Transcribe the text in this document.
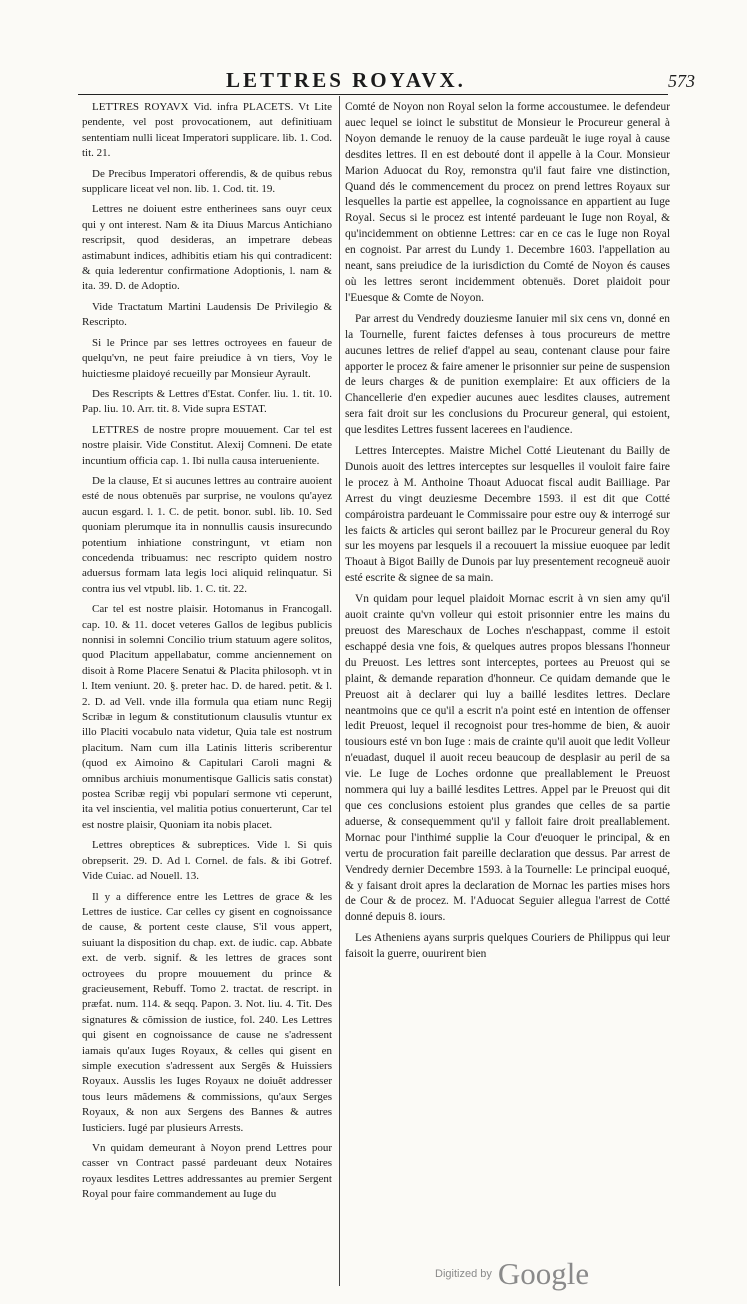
LETTRES ROYAVX.	573

LETTRES ROYAVX Vid. infra PLACETS. Vt Lite pendente, vel post provocationem, aut definitiuam sententiam nulli liceat Imperatori supplicare. lib. 1. Cod. tit. 21.

De Precibus Imperatori offerendis, & de quibus rebus supplicare liceat vel non. lib. 1. Cod. tit. 19.

Lettres ne doiuent estre entherinees sans ouyr ceux qui y ont interest. Nam & ita Diuus Marcus Antichiano rescripsit, quod desideras, an impetrare debeas astimabunt indices, adhibitis etiam his qui contradicent: & quia lederentur confirmatione Adoptionis, l. nam & ita. 39. D. de Adoptio.

Vide Tractatum Martini Laudensis De Privilegio & Rescripto.

Si le Prince par ses lettres octroyees en faueur de quelqu'vn, ne peut faire preiudice à vn tiers, Voy le huictiesme plaidoyé recueilly par Monsieur Ayrault.

Des Rescripts & Lettres d'Estat. Confer. liu. 1. tit. 10. Pap. liu. 10. Arr. tit. 8. Vide supra ESTAT.

LETTRES de nostre propre mouuement. Car tel est nostre plaisir. Vide Constitut. Alexij Comneni. De etate incuntium officia cap. 1. Ibi nulla causa interueniente.

De la clause, Et si aucunes lettres au contraire auoient esté de nous obtenuës par surprise, ne voulons qu'ayez aucun esgard. l. 1. C. de petit. bonor. subl. lib. 10. Sed quoniam plerumque ita in nonnullis causis insurecundo potentium inhiatione constringunt, vt etiam non concedenda tribuamus: nec rescripto quidem nostro aduersus formam lata legis loci aliquid relinquatur. Si contra ius vel vtpubl. lib. 1. C. tit. 22.

Car tel est nostre plaisir. Hotomanus in Francogall. cap. 10. & 11. docet veteres Gallos de legibus publicis nonnisi in solemni Concilio trium statuum agere solitos, quod Placitum appellabatur, comme anciennement on disoit à Rome Placere Senatui & Placita philosoph. vt in l. Item veniunt. 20. §. preter hac. D. de hared. petit. & l. 2. D. ad Vell. vnde illa formula qua etiam nunc Regij Scribæ in legum & constitutionum clausulis vtuntur ex illo Placiti vocabulo nata videtur, Quia tale est nostrum placitum. Nam cum illa Latinis litteris scriberentur (quod ex Aimoino & Capitulari Caroli magni & omnibus archiuis monumentisque Gallicis satis constat) postea Scribæ regij vbi popularí sermone vti ceperunt, ita vel inscientia, vel malitia potius conuerterunt, Car tel est nostre plaisir, Quoniam ita nobis placet.

Lettres obreptices & subreptices. Vide l. Si quis obrepserit. 29. D. Ad l. Cornel. de fals. & ibi Gotref. Vide Cuiac. ad Nouell. 13.

Il y a difference entre les Lettres de grace & les Lettres de iustice. Car celles cy gisent en cognoissance de cause, & portent ceste clause, S'il vous appert, suiuant la disposition du chap. ext. de iudic. cap. Abbate ext. de verb. signif. & les lettres de graces sont octroyees du propre mouuement du prince & gracieusement, Rebuff. Tomo 2. tractat. de rescript. in præfat. num. 114. & seqq. Papon. 3. Not. liu. 4. Tit. Des signatures & cõmission de iustice, fol. 240. Les Lettres qui gisent en cognoissance de cause ne s'adressent iamais qu'aux Iuges Royaux, & celles qui gisent en simple execution s'adressent aux Sergẽs & Huissiers Royaux. Ausslis les Iuges Royaux ne doiuẽt addresser tous leurs mãdemens & commissions, qu'aux Serges Royaux, & non aux Sergens des Bannes & autres Iusticiers. Iugé par plusieurs Arrests.

Vn quidam demeurant à Noyon prend Lettres pour casser vn Contract passé pardeuant deux Notaires royaux lesdites Lettres addressantes au premier Sergent Royal pour faire commandement au Iuge du

Comté de Noyon non Royal selon la forme accoustumee. le defendeur auec lequel se ioinct le substitut de Monsieur le Procureur general à Noyon demande le renuoy de la cause pardeuãt le iuge royal à cause desdites lettres. Il en est debouté dont il appelle à la Cour. Monsieur Marion Aduocat du Roy, remonstra qu'il faut faire vne distinction, Quand dés le commencement du procez on prend lettres Royaux sur lesquelles la partie est appellee, la cognoissance en appartient au Iuge Royal. Secus si le procez est intenté pardeuant le Iuge non Royal, & qu'incidemment on obtienne Lettres: car en ce cas le Iuge non Royal en cognoist. Par arrest du Lundy 1. Decembre 1603. l'appellation au neant, sans preiudice de la iurisdiction du Comté de Noyon és causes où les lettres seront incidemment obtenuës. Doret plaidoit pour l'Euesque & Comte de Noyon.

Par arrest du Vendredy douziesme Ianuier mil six cens vn, donné en la Tournelle, furent faictes defenses à tous procureurs de mettre aucunes lettres de relief d'appel au seau, contenant clause pour faire apporter le procez & faire amener le prisonnier sur peine de suspension de leurs charges & de punition exemplaire: Et aux officiers de la Chancellerie d'en expedier aucunes auec lesdites clauses, autrement sera fait droit sur les conclusions du Procureur general, qui estoient, que lesdites Lettres fussent lacerees en l'audience.

Lettres Interceptes. Maistre Michel Cotté Lieutenant du Bailly de Dunois auoit des lettres interceptes sur lesquelles il vouloit faire faire le procez à M. Anthoine Thoaut Aduocat fiscal audit Bailliage. Par Arrest du vingt deuziesme Decembre 1593. il est dit que Cotté compároistra pardeuant le Commissaire pour estre ouy & interrogé sur les faicts & articles qui seront baillez par le Procureur general du Roy sur les moyens par lesquels il a recouuert la missiue euoquee par ledit Thoaut à Bigot Bailly de Dunois par luy presentement recogneuë auoir esté escrite & signee de sa main.

Vn quidam pour lequel plaidoit Mornac escrit à vn sien amy qu'il auoit crainte qu'vn volleur qui estoit prisonnier entre les mains du preuost des Mareschaux de Loches n'eschappast, comme il estoit eschappé desia vne fois, & quelques autres propos blessans l'honneur du Preuost. Les lettres sont interceptes, portees au Preuost qui se plaint, & demande reparation d'honneur. Ce quidam demande que le Preuost ait à declarer qui luy a baillé lesdites lettres. Declare neantmoins que ce qu'il a escrit n'a point esté en intention de offenser ledit Preuost, lequel il recognoist pour tres-homme de bien, & auoir tousiours esté vn bon Iuge : mais de crainte qu'il auoit que ledit Volleur n'euadast, duquel il auoit receu beaucoup de desplasir au peril de sa vie. Le Iuge de Loches ordonne que preallablement le Preuost nommera qui luy a baillé lesdites Lettres. Appel par le Preuost qui dit que ces conclusions estoient plus grandes que celles de sa partie aduerse, & consequemment qu'il y falloit faire droit preallablement. Mornac pour l'inthimé supplie la Cour d'euoquer le principal, & en vertu de procuration fait pareille declaration que dessus. Par arrest de Vendredy dernier Decembre 1593. à la Tournelle: Le principal euoqué, & y faisant droit apres la declaration de Mornac les parties mises hors de Cour & de procez. M. l'Aduocat Seguier allegua l'arrest de Cotté donné depuis 8. iours.

Les Atheniens ayans surpris quelques Couriers de Philippus qui leur faisoit la guerre, ouurirent bien

Digitized by Google
